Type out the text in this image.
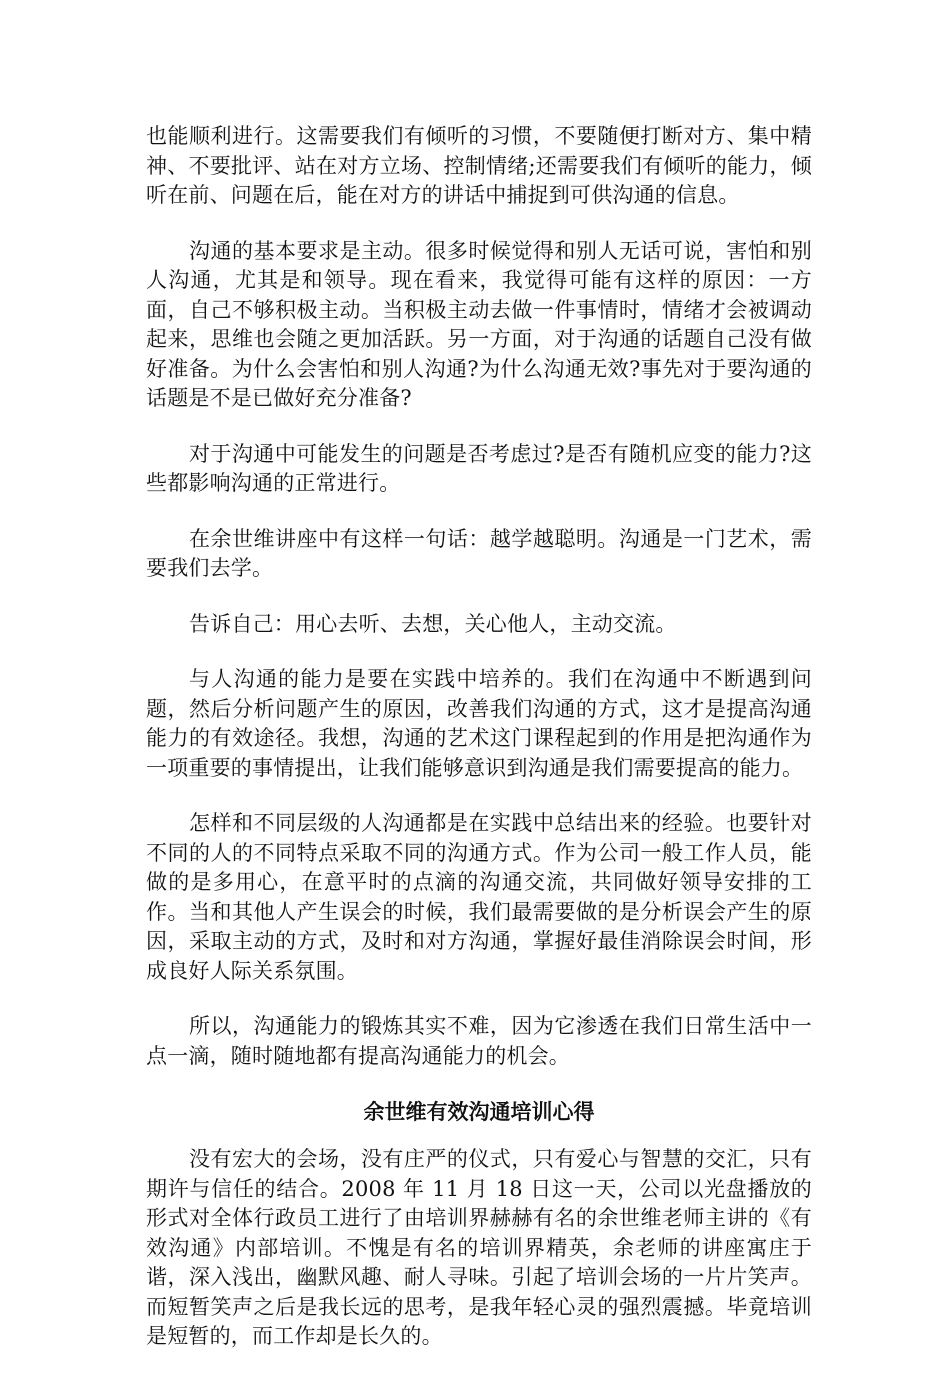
也能顺利进行。这需要我们有倾听的习惯，不要随便打断对方、集中精神、不要批评、站在对方立场、控制情绪;还需要我们有倾听的能力，倾听在前、问题在后，能在对方的讲话中捕捉到可供沟通的信息。

沟通的基本要求是主动。很多时候觉得和别人无话可说，害怕和别人沟通，尤其是和领导。现在看来，我觉得可能有这样的原因：一方面，自己不够积极主动。当积极主动去做一件事情时，情绪才会被调动起来，思维也会随之更加活跃。另一方面，对于沟通的话题自己没有做好准备。为什么会害怕和别人沟通?为什么沟通无效?事先对于要沟通的话题是不是已做好充分准备?

对于沟通中可能发生的问题是否考虑过?是否有随机应变的能力?这些都影响沟通的正常进行。

在余世维讲座中有这样一句话：越学越聪明。沟通是一门艺术，需要我们去学。

告诉自己：用心去听、去想，关心他人，主动交流。

与人沟通的能力是要在实践中培养的。我们在沟通中不断遇到问题，然后分析问题产生的原因，改善我们沟通的方式，这才是提高沟通能力的有效途径。我想，沟通的艺术这门课程起到的作用是把沟通作为一项重要的事情提出，让我们能够意识到沟通是我们需要提高的能力。

怎样和不同层级的人沟通都是在实践中总结出来的经验。也要针对不同的人的不同特点采取不同的沟通方式。作为公司一般工作人员，能做的是多用心，在意平时的点滴的沟通交流，共同做好领导安排的工作。当和其他人产生误会的时候，我们最需要做的是分析误会产生的原因，采取主动的方式，及时和对方沟通，掌握好最佳消除误会时间，形成良好人际关系氛围。

所以，沟通能力的锻炼其实不难，因为它渗透在我们日常生活中一点一滴，随时随地都有提高沟通能力的机会。

余世维有效沟通培训心得

没有宏大的会场，没有庄严的仪式，只有爱心与智慧的交汇，只有期许与信任的结合。2008 年 11 月 18 日这一天，公司以光盘播放的形式对全体行政员工进行了由培训界赫赫有名的余世维老师主讲的《有效沟通》内部培训。不愧是有名的培训界精英，余老师的讲座寓庄于谐，深入浅出，幽默风趣、耐人寻味。引起了培训会场的一片片笑声。而短暂笑声之后是我长远的思考，是我年轻心灵的强烈震撼。毕竟培训是短暂的，而工作却是长久的。
